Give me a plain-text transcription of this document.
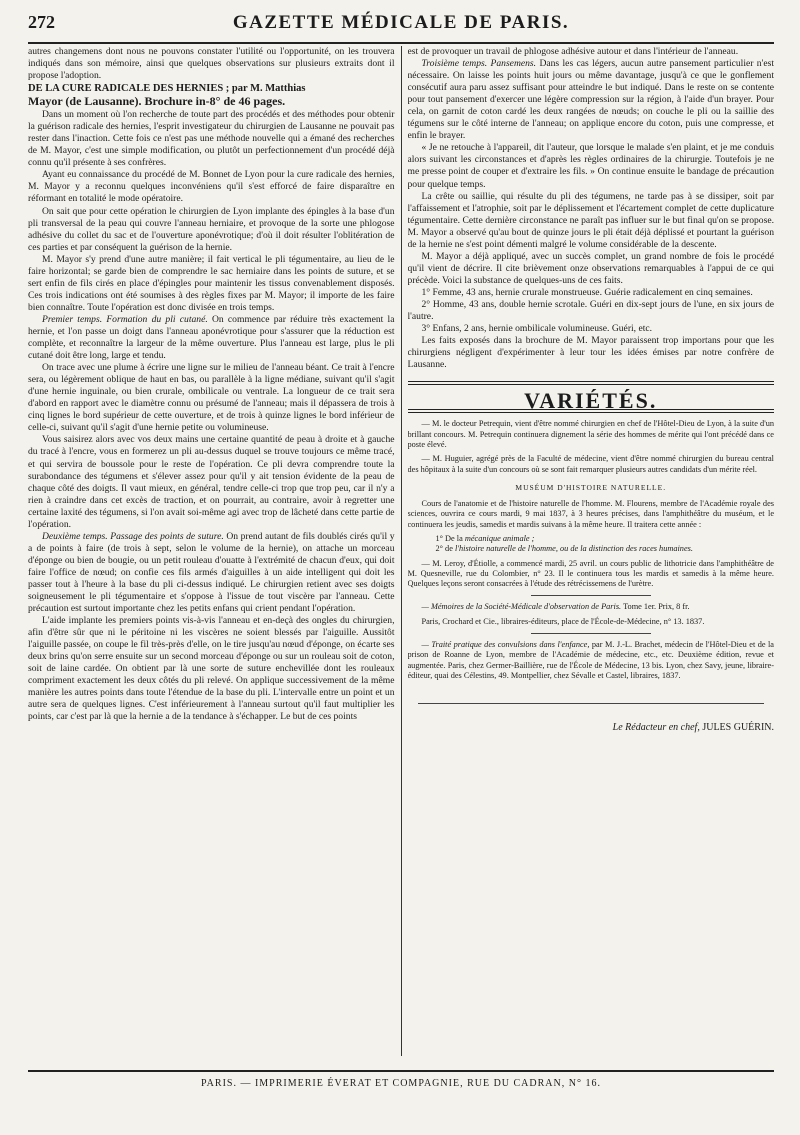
272	GAZETTE MÉDICALE DE PARIS.

autres changemens dont nous ne pouvons constater l'utilité ou l'opportunité, on les trouvera indiqués dans son mémoire, ainsi que quelques observations sur plusieurs extraits dont il propose l'adoption.

DE LA CURE RADICALE DES HERNIES ; par M. Matthias
Mayor (de Lausanne). Brochure in-8° de 46 pages.

Dans un moment où l'on recherche de toute part des procédés et des méthodes pour obtenir la guérison radicale des hernies, l'esprit investigateur du chirurgien de Lausanne ne pouvait pas rester dans l'inaction. Cette fois ce n'est pas une méthode nouvelle qui a émané des recherches de M. Mayor, c'est une simple modification, ou plutôt un perfectionnement d'un procédé déjà connu qu'il présente à ses confrères.

Ayant eu connaissance du procédé de M. Bonnet de Lyon pour la cure radicale des hernies, M. Mayor y a reconnu quelques inconvéniens qu'il s'est efforcé de faire disparaître en réformant en totalité le mode opératoire.

On sait que pour cette opération le chirurgien de Lyon implante des épingles à la base d'un pli transversal de la peau qui couvre l'anneau herniaire, et provoque de la sorte une phlogose adhésive du collet du sac et de l'ouverture aponévrotique; d'où il doit résulter l'oblitération de ces parties et par conséquent la guérison de la hernie.

M. Mayor s'y prend d'une autre manière; il fait vertical le pli tégumentaire, au lieu de le faire horizontal; se garde bien de comprendre le sac herniaire dans les points de suture, et se sert enfin de fils cirés en place d'épingles pour maintenir les tissus convenablement disposés. Ces trois indications ont été soumises à des règles fixes par M. Mayor; il importe de les faire bien connaître. Toute l'opération est donc divisée en trois temps.

Premier temps. Formation du pli cutané. On commence par réduire très exactement la hernie, et l'on passe un doigt dans l'anneau aponévrotique pour s'assurer que la réduction est complète, et reconnaître la largeur de la même ouverture. Plus l'anneau est large, plus le pli cutané doit être long, large et tendu.

On trace avec une plume à écrire une ligne sur le milieu de l'anneau béant. Ce trait à l'encre sera, ou légèrement oblique de haut en bas, ou parallèle à la ligne médiane, suivant qu'il s'agit d'une hernie inguinale, ou bien crurale, ombilicale ou ventrale. La longueur de ce trait sera d'abord en rapport avec le diamètre connu ou présumé de l'anneau; mais il dépassera de trois à cinq lignes le bord supérieur de cette ouverture, et de trois à quinze lignes le bord inférieur de celle-ci, suivant qu'il s'agit d'une hernie petite ou volumineuse.

Vous saisirez alors avec vos deux mains une certaine quantité de peau à droite et à gauche du tracé à l'encre, vous en formerez un pli au-dessus duquel se trouve toujours ce même tracé, et qui servira de boussole pour le reste de l'opération. Ce pli devra comprendre toute la surabondance des tégumens et s'élever assez pour qu'il y ait tension évidente de la peau de chaque côté des doigts. Il vaut mieux, en général, tendre celle-ci trop que trop peu, car il n'y a rien à craindre dans cet excès de traction, et on pourrait, au contraire, avoir à regretter une certaine laxité des tégumens, si l'on avait soi-même agi avec trop de lâcheté dans cette partie de l'opération.

Deuxième temps. Passage des points de suture. On prend autant de fils doublés cirés qu'il y a de points à faire (de trois à sept, selon le volume de la hernie), on attache un morceau d'éponge ou bien de bougie, ou un petit rouleau d'ouatte à l'extrémité de chacun d'eux, qui doit faire l'office de nœud; on confie ces fils armés d'aiguilles à un aide intelligent qui doit les passer tout à l'heure à la base du pli ci-dessus indiqué. Le chirurgien retient avec ses doigts soigneusement le pli tégumentaire et s'oppose à l'issue de tout viscère par l'anneau. Cette précaution est surtout importante chez les petits enfans qui crient pendant l'opération.

L'aide implante les premiers points vis-à-vis l'anneau et en-deçà des ongles du chirurgien, afin d'être sûr que ni le péritoine ni les viscères ne soient blessés par l'aiguille. Aussitôt l'aiguille passée, on coupe le fil très-près d'elle, on le tire jusqu'au nœud d'éponge, on écarte ses deux brins qu'on serre ensuite sur un second morceau d'éponge ou sur un rouleau soit de coton, soit de laine cardée. On obtient par là une sorte de suture enchevillée dont les rouleaux compriment exactement les deux côtés du pli relevé. On applique successivement de la même manière les autres points dans toute l'étendue de la base du pli. L'intervalle entre un point et un autre sera de quelques lignes. C'est inférieurement à l'anneau surtout qu'il faut multiplier les points, car c'est par là que la hernie a de la tendance à s'échapper. Le but de ces points

est de provoquer un travail de phlogose adhésive autour et dans l'intérieur de l'anneau.

Troisième temps. Pansemens. Dans les cas légers, aucun autre pansement particulier n'est nécessaire. On laisse les points huit jours ou même davantage, jusqu'à ce que le gonflement consécutif aura paru assez suffisant pour atteindre le but indiqué. Dans le reste on se contente pour tout pansement d'exercer une légère compression sur la région, à l'aide d'un brayer. Pour cela, on garnit de coton cardé les deux rangées de nœuds; on couche le pli ou la saillie des tégumens sur le côté interne de l'anneau; on applique encore du coton, puis une compresse, et enfin le brayer.

« Je ne retouche à l'appareil, dit l'auteur, que lorsque le malade s'en plaint, et je me conduis alors suivant les circonstances et d'après les règles ordinaires de la chirurgie. Toutefois je ne me presse point de couper et d'extraire les fils. » On continue ensuite le bandage de précaution pour quelque temps.

La crête ou saillie, qui résulte du pli des tégumens, ne tarde pas à se dissiper, soit par l'affaissement et l'atrophie, soit par le déplissement et l'écartement complet de cette duplicature tégumentaire. Cette dernière circonstance ne paraît pas influer sur le but final qu'on se propose. M. Mayor a observé qu'au bout de quinze jours le pli était déjà déplissé et pourtant la guérison de la hernie ne s'est point démenti malgré le volume considérable de la descente.

M. Mayor a déjà appliqué, avec un succès complet, un grand nombre de fois le procédé qu'il vient de décrire. Il cite brièvement onze observations remarquables à l'appui de ce qui précède. Voici la substance de quelques-uns de ces faits.

1° Femme, 43 ans, hernie crurale monstrueuse. Guérie radicalement en cinq semaines.

2° Homme, 43 ans, double hernie scrotale. Guéri en dix-sept jours de l'une, en six jours de l'autre.

3° Enfans, 2 ans, hernie ombilicale volumineuse. Guéri, etc.

Les faits exposés dans la brochure de M. Mayor paraissent trop importans pour que les chirurgiens négligent d'expérimenter à leur tour les idées émises par notre confrère de Lausanne.

VARIÉTÉS.

— M. le docteur Petrequin, vient d'être nommé chirurgien en chef de l'Hôtel-Dieu de Lyon, à la suite d'un brillant concours. M. Petrequin continuera dignement la série des hommes de mérite qui l'ont précédé dans ce poste élevé.

— M. Huguier, agrégé près de la Faculté de médecine, vient d'être nommé chirurgien du bureau central des hôpitaux à la suite d'un concours où se sont fait remarquer plusieurs autres candidats d'un mérite réel.

MUSÉUM D'HISTOIRE NATURELLE.

Cours de l'anatomie et de l'histoire naturelle de l'homme. M. Flourens, membre de l'Académie royale des sciences, ouvrira ce cours mardi, 9 mai 1837, à 3 heures précises, dans l'amphithéâtre du muséum, et le continuera les jeudis, samedis et mardis suivans à la même heure. Il traitera cette année :

1° De la mécanique animale ;

2° de l'histoire naturelle de l'homme, ou de la distinction des races humaines.

— M. Leroy, d'Étiolle, a commencé mardi, 25 avril. un cours public de lithotricie dans l'amphithéâtre de M. Quesneville, rue du Colombier, n° 23. Il le continuera tous les mardis et samedis à la même heure. Quelques leçons seront consacrées à l'étude des rétrécissemens de l'urètre.

— Mémoires de la Société-Médicale d'observation de Paris. Tome 1er. Prix, 8 fr.

Paris, Crochard et Cie., libraires-éditeurs, place de l'École-de-Médecine, n° 13. 1837.

— Traité pratique des convulsions dans l'enfance, par M. J.-L. Brachet, médecin de l'Hôtel-Dieu et de la prison de Roanne de Lyon, membre de l'Académie de médecine, etc., etc. Deuxième édition, revue et augmentée. Paris, chez Germer-Baillière, rue de l'École de Médecine, 13 bis. Lyon, chez Savy, jeune, libraire-éditeur, quai des Célestins, 49. Montpellier, chez Sévalle et Castel, libraires, 1837.

Le Rédacteur en chef, JULES GUÉRIN.

PARIS. — IMPRIMERIE ÉVERAT ET COMPAGNIE, RUE DU CADRAN, N° 16.
